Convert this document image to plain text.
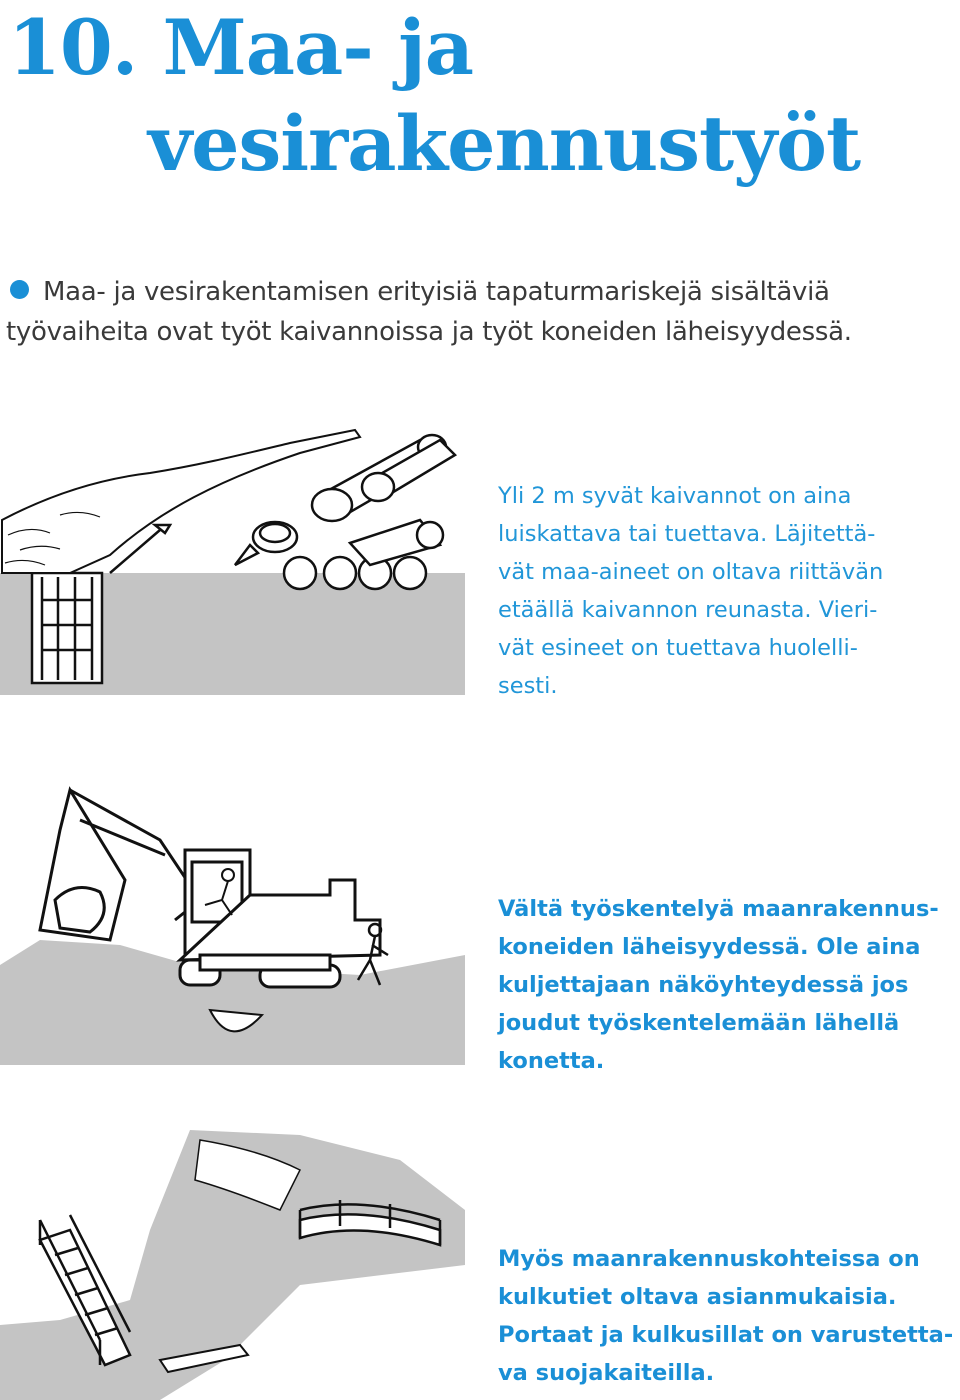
10. Maa- ja
vesirakennustyöt

Maa- ja vesirakentamisen erityisiä tapaturmariskejä sisältäviä
työvaiheita ovat työt kaivannoissa ja työt koneiden läheisyydessä.

Yli 2 m syvät kaivannot on aina
luiskattava tai tuettava. Läjitettä-
vät maa-aineet on oltava riittävän
etäällä kaivannon reunasta. Vieri-
vät esineet on tuettava huolelli-
sesti.
Vältä työskentelyä maanrakennus-
koneiden läheisyydessä. Ole aina
kuljettajaan näköyhteydessä jos
joudut työskentelemään lähellä
konetta.
Myös maanrakennuskohteissa on
kulkutiet oltava asianmukaisia.
Portaat ja kulkusillat on varustetta-
va suojakaiteilla.
